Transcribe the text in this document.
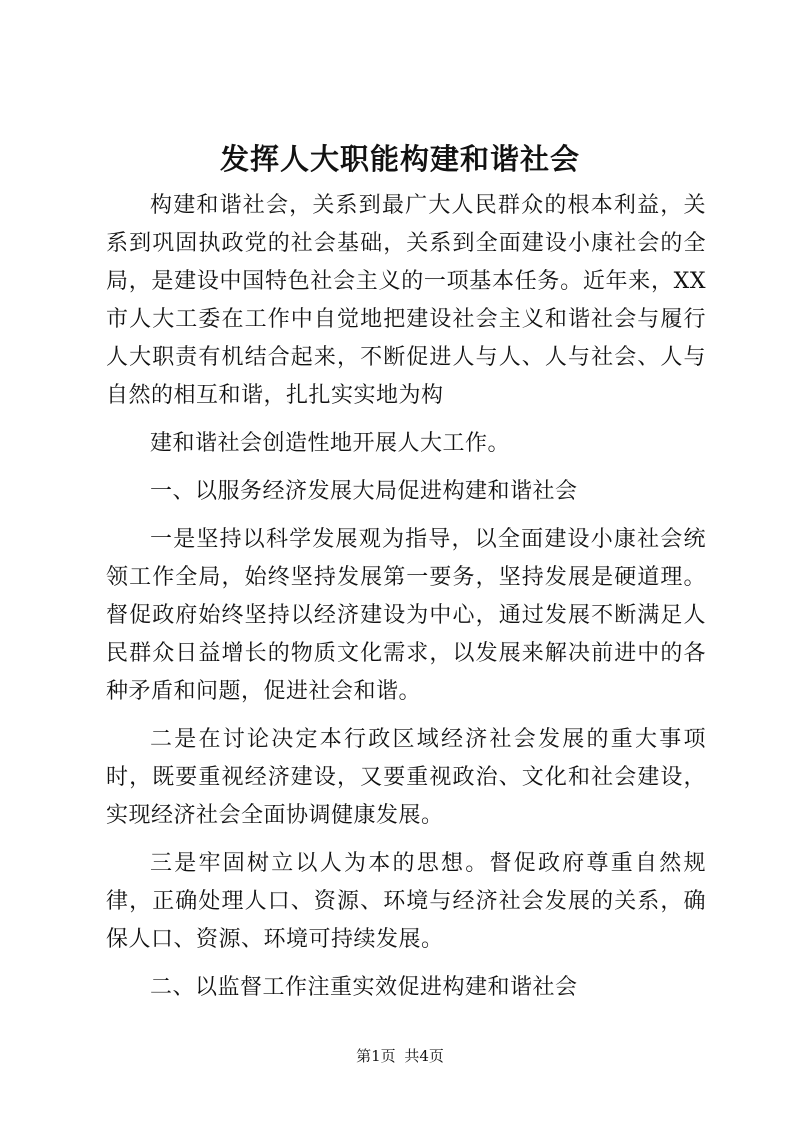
发挥人大职能构建和谐社会

构建和谐社会，关系到最广大人民群众的根本利益，关系到巩固执政党的社会基础，关系到全面建设小康社会的全局，是建设中国特色社会主义的一项基本任务。近年来，XX市人大工委在工作中自觉地把建设社会主义和谐社会与履行人大职责有机结合起来，不断促进人与人、人与社会、人与自然的相互和谐，扎扎实实地为构

建和谐社会创造性地开展人大工作。

一、以服务经济发展大局促进构建和谐社会

一是坚持以科学发展观为指导，以全面建设小康社会统领工作全局，始终坚持发展第一要务，坚持发展是硬道理。督促政府始终坚持以经济建设为中心，通过发展不断满足人民群众日益增长的物质文化需求，以发展来解决前进中的各种矛盾和问题，促进社会和谐。

二是在讨论决定本行政区域经济社会发展的重大事项时，既要重视经济建设，又要重视政治、文化和社会建设，实现经济社会全面协调健康发展。

三是牢固树立以人为本的思想。督促政府尊重自然规律，正确处理人口、资源、环境与经济社会发展的关系，确保人口、资源、环境可持续发展。

二、以监督工作注重实效促进构建和谐社会

第1页 共4页
